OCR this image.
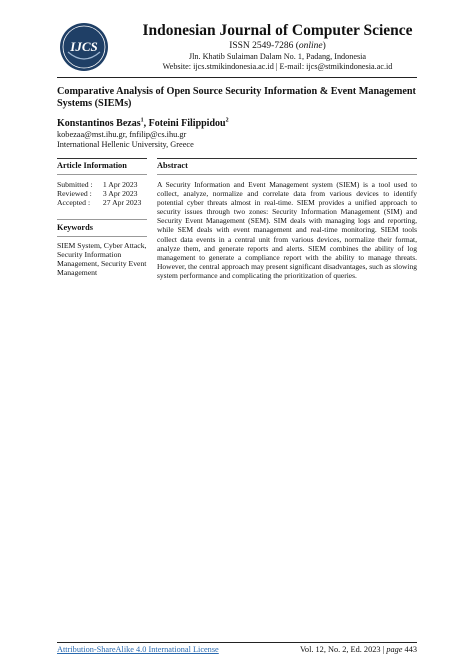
IJCS
Indonesian Journal of Computer Science
ISSN 2549-7286 (online)
Jln. Khatib Sulaiman Dalam No. 1, Padang, Indonesia
Website: ijcs.stmikindonesia.ac.id | E-mail: ijcs@stmikindonesia.ac.id
Comparative Analysis of Open Source Security Information & Event Management Systems (SIEMs)
Konstantinos Bezas$^1$, Foteini Filippidou$^2$
kobezaa@mst.ihu.gr, fnfilip@cs.ihu.gr
International Hellenic University, Greece
Article Information
Submitted : 1 Apr 2023
Reviewed : 3 Apr 2023
Accepted : 27 Apr 2023
Keywords
SIEM System, Cyber Attack, Security Information Management, Security Event Management
Abstract
A Security Information and Event Management system (SIEM) is a tool used to collect, analyze, normalize and correlate data from various devices to identify potential cyber threats almost in real-time. SIEM provides a unified approach to security issues through two zones: Security Information Management (SIM) and Security Event Management (SEM). SIM deals with managing logs and reporting, while SEM deals with event management and real-time monitoring. SIEM tools collect data events in a central unit from various devices, normalize their format, analyze them, and generate reports and alerts. SIEM combines the ability of log management to generate a compliance report with the ability to manage threats. However, the central approach may present significant disadvantages, such as slowing system performance and complicating the prioritization of queries.
Attribution-ShareAlike 4.0 International License	Vol. 12, No. 2, Ed. 2023 | page 443
